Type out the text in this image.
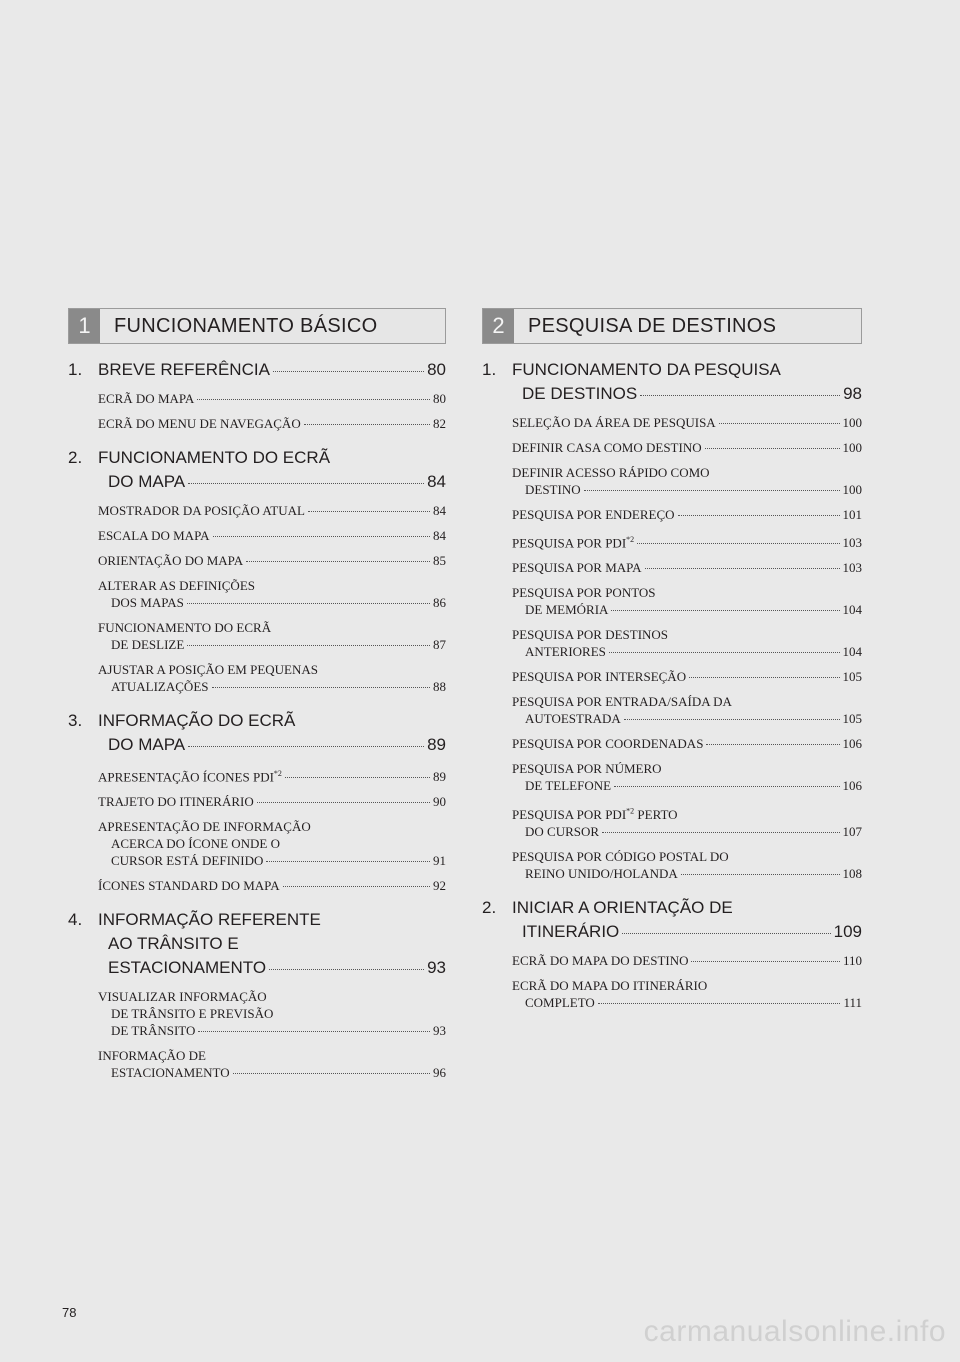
1	FUNCIONAMENTO BÁSICO
1. BREVE REFERÊNCIA	80
ECRÃ DO MAPA	80
ECRÃ DO MENU DE NAVEGAÇÃO	82
2. FUNCIONAMENTO DO ECRÃ
DO MAPA	84
MOSTRADOR DA POSIÇÃO ATUAL	84
ESCALA DO MAPA	84
ORIENTAÇÃO DO MAPA	85
ALTERAR AS DEFINIÇÕES
DOS MAPAS	86
FUNCIONAMENTO DO ECRÃ
DE DESLIZE	87
AJUSTAR A POSIÇÃO EM PEQUENAS
ATUALIZAÇÕES	88
3. INFORMAÇÃO DO ECRÃ
DO MAPA	89
APRESENTAÇÃO ÍCONES PDI$^{*2}$	89
TRAJETO DO ITINERÁRIO	90
APRESENTAÇÃO DE INFORMAÇÃO
ACERCA DO ÍCONE ONDE O
CURSOR ESTÁ DEFINIDO	91
ÍCONES STANDARD DO MAPA	92
4. INFORMAÇÃO REFERENTE
AO TRÂNSITO E
ESTACIONAMENTO	93
VISUALIZAR INFORMAÇÃO
DE TRÂNSITO E PREVISÃO
DE TRÂNSITO	93
INFORMAÇÃO DE
ESTACIONAMENTO	96
2	PESQUISA DE DESTINOS
1. FUNCIONAMENTO DA PESQUISA
DE DESTINOS	98
SELEÇÃO DA ÁREA DE PESQUISA	100
DEFINIR CASA COMO DESTINO	100
DEFINIR ACESSO RÁPIDO COMO
DESTINO	100
PESQUISA POR ENDEREÇO	101
PESQUISA POR PDI$^{*2}$	103
PESQUISA POR MAPA	103
PESQUISA POR PONTOS
DE MEMÓRIA	104
PESQUISA POR DESTINOS
ANTERIORES	104
PESQUISA POR INTERSEÇÃO	105
PESQUISA POR ENTRADA/SAÍDA DA
AUTOESTRADA	105
PESQUISA POR COORDENADAS	106
PESQUISA POR NÚMERO
DE TELEFONE	106
PESQUISA POR PDI$^{*2}$ PERTO
DO CURSOR	107
PESQUISA POR CÓDIGO POSTAL DO
REINO UNIDO/HOLANDA	108
2. INICIAR A ORIENTAÇÃO DE
ITINERÁRIO	109
ECRÃ DO MAPA DO DESTINO	110
ECRÃ DO MAPA DO ITINERÁRIO
COMPLETO	111
78
carmanualsonline.info
